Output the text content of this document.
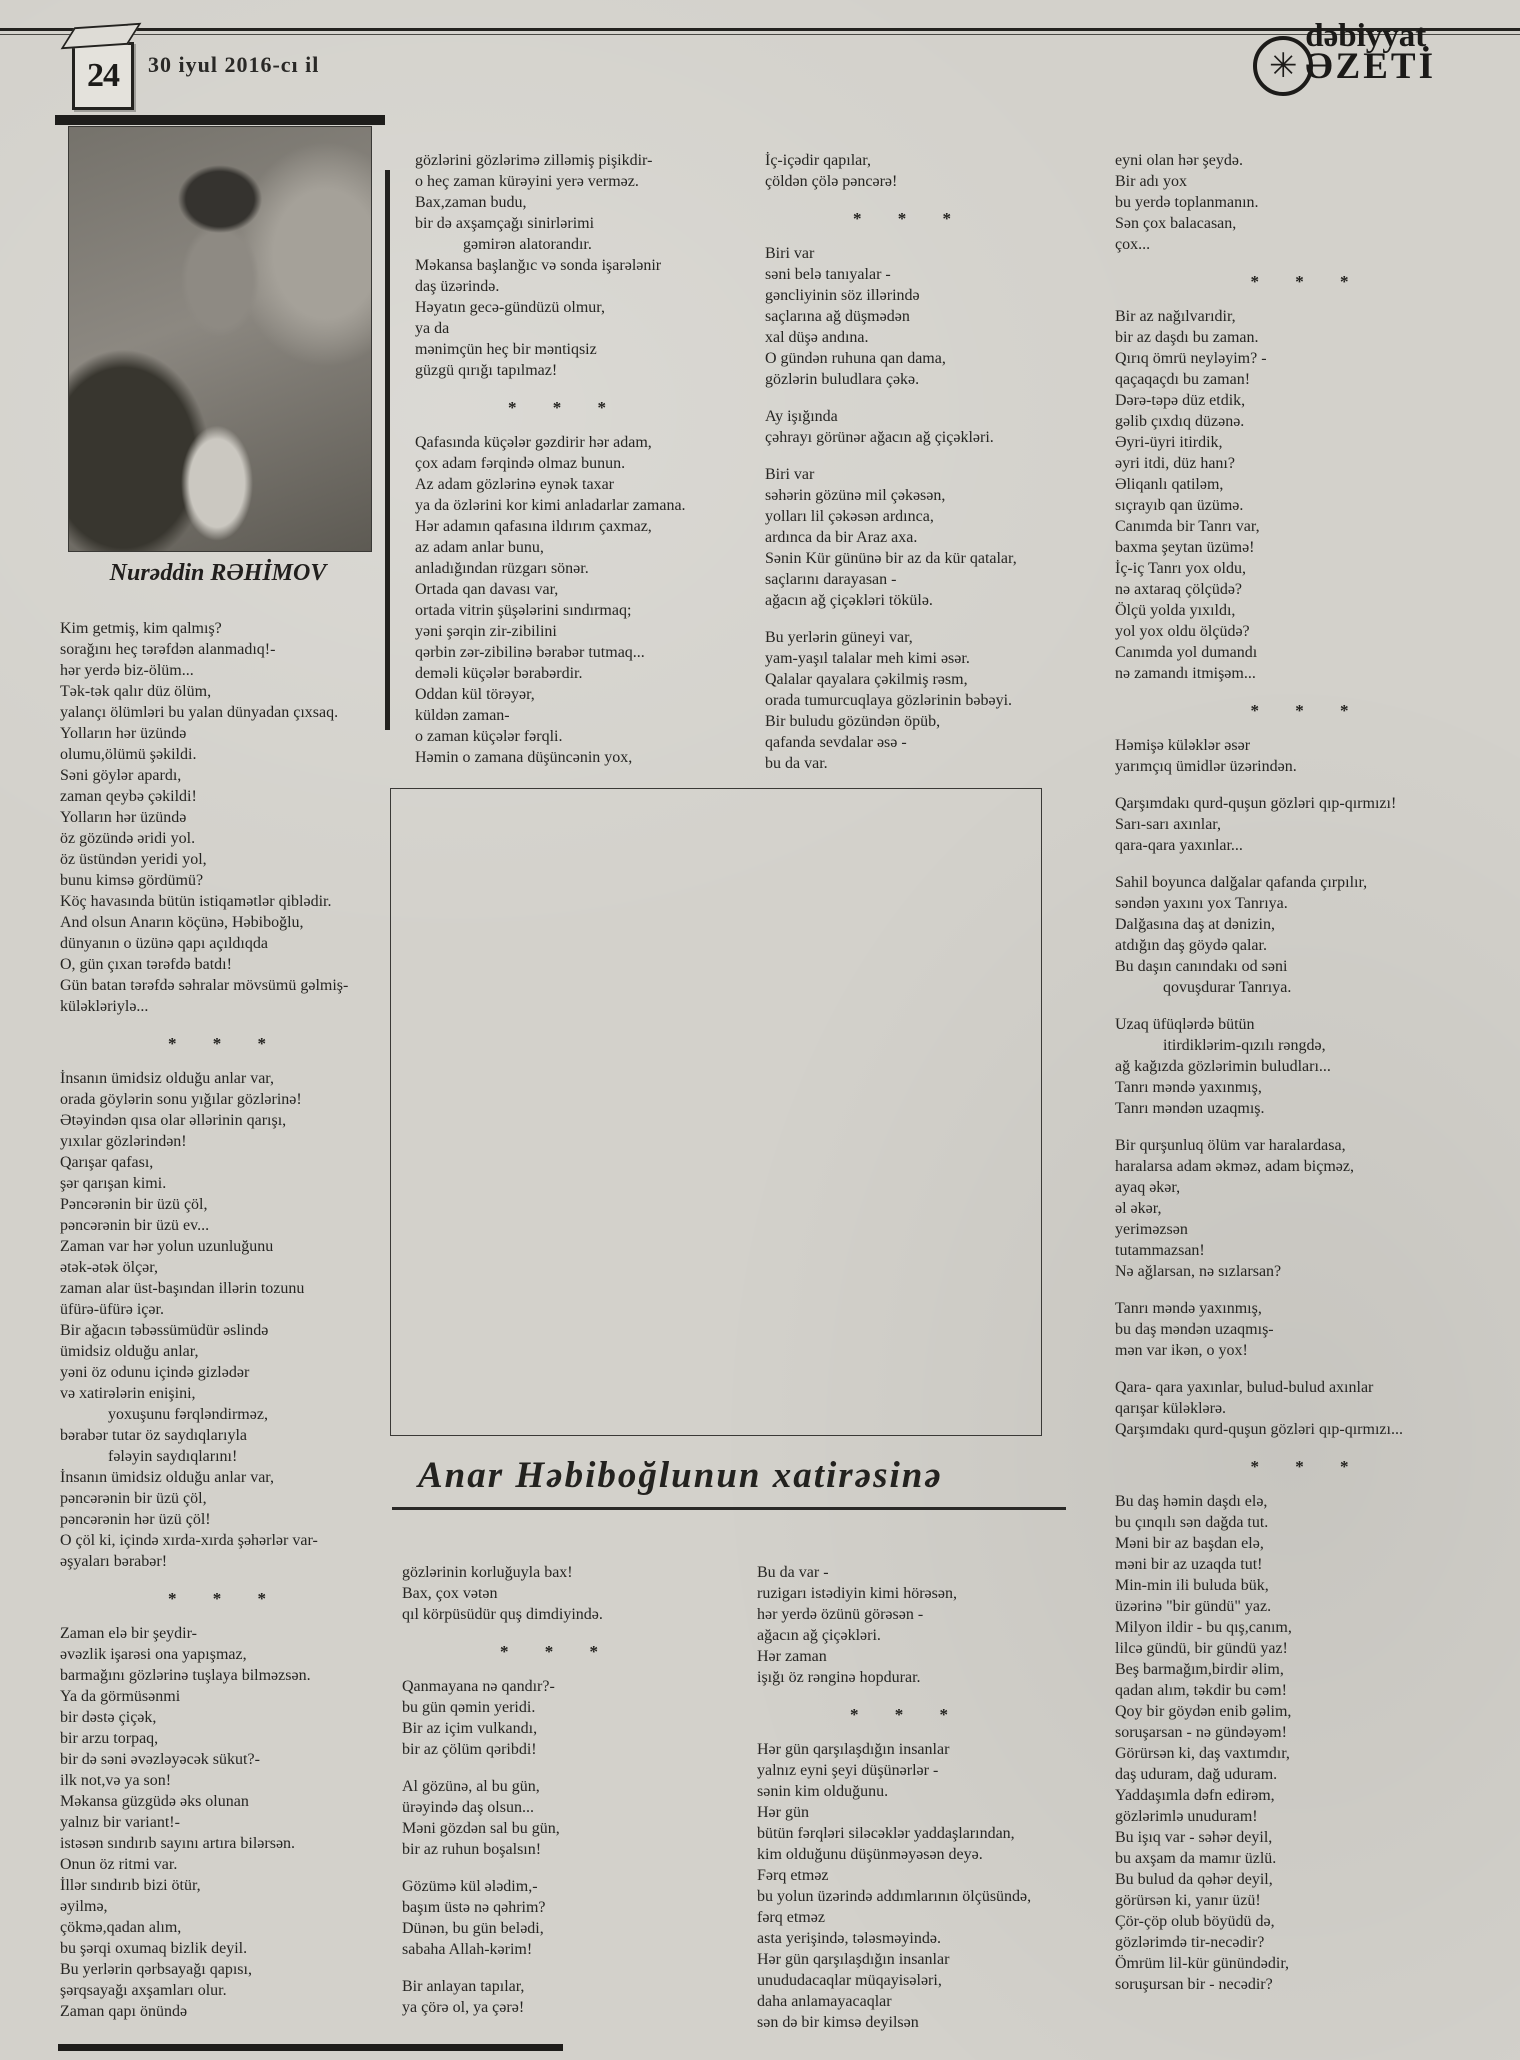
24 30 iyul 2016-cı il	✳
dəbiyyat
ƏZETİ
Nurəddin RƏHİMOV
Kim getmiş, kim qalmış?
sorağını heç tərəfdən alanmadıq!-
hər yerdə biz-ölüm...
Tək-tək qalır düz ölüm,
yalançı ölümləri bu yalan dünyadan çıxsaq.
Yolların hər üzündə
olumu,ölümü şəkildi.
Səni göylər apardı,
zaman qeybə çəkildi!
Yolların hər üzündə
öz gözündə əridi yol.
öz üstündən yeridi yol,
bunu kimsə gördümü?
Köç havasında bütün istiqamətlər qiblədir.
And olsun Anarın köçünə, Həbiboğlu,
dünyanın o üzünə qapı açıldıqda
O, gün çıxan tərəfdə batdı!
Gün batan tərəfdə səhralar mövsümü gəlmiş-
küləkləriylə...
* * *
İnsanın ümidsiz olduğu anlar var,
orada göylərin sonu yığılar gözlərinə!
Ətəyindən qısa olar əllərinin qarışı,
yıxılar gözlərindən!
Qarışar qafası,
şər qarışan kimi.
Pəncərənin bir üzü çöl,
pəncərənin bir üzü ev...
Zaman var hər yolun uzunluğunu
ətək-ətək ölçər,
zaman alar üst-başından illərin tozunu
üfürə-üfürə içər.
Bir ağacın təbəssümüdür əslində
ümidsiz olduğu anlar,
yəni öz odunu içində gizlədər
və xatirələrin enişini,
yoxuşunu fərqləndirməz,
bərabər tutar öz saydıqlarıyla
fələyin saydıqlarını!
İnsanın ümidsiz olduğu anlar var,
pəncərənin bir üzü çöl,
pəncərənin hər üzü çöl!
O çöl ki, içində xırda-xırda şəhərlər var-
əşyaları bərabər!
* * *
Zaman elə bir şeydir-
əvəzlik işarəsi ona yapışmaz,
barmağını gözlərinə tuşlaya bilməzsən.
Ya da görmüsənmi
bir dəstə çiçək,
bir arzu torpaq,
bir də səni əvəzləyəcək sükut?-
ilk not,və ya son!
Məkansa güzgüdə əks olunan
yalnız bir variant!-
istəsən sındırıb sayını artıra bilərsən.
Onun öz ritmi var.
İllər sındırıb bizi ötür,
əyilmə,
çökmə,qadan alım,
bu şərqi oxumaq bizlik deyil.
Bu yerlərin qərbsayağı qapısı,
şərqsayağı axşamları olur.
Zaman qapı önündə
gözlərini gözlərimə zilləmiş pişikdir-
o heç zaman kürəyini yerə verməz.
Bax,zaman budu,
bir də axşamçağı sinirlərimi
gəmirən alatorandır.
Məkansa başlanğıc və sonda işarələnir
daş üzərində.
Həyatın gecə-gündüzü olmur,
ya da
mənimçün heç bir məntiqsiz
güzgü qırığı tapılmaz!
* * *
Qafasında küçələr gəzdirir hər adam,
çox adam fərqində olmaz bunun.
Az adam gözlərinə eynək taxar
ya da özlərini kor kimi anladarlar zamana.
Hər adamın qafasına ildırım çaxmaz,
az adam anlar bunu,
anladığından rüzgarı sönər.
Ortada qan davası var,
ortada vitrin şüşələrini sındırmaq;
yəni şərqin zir-zibilini
qərbin zər-zibilinə bərabər tutmaq...
deməli küçələr bərabərdir.
Oddan kül törəyər,
küldən zaman-
o zaman küçələr fərqli.
Həmin o zamana düşüncənin yox,
İç-içədir qapılar,
çöldən çölə pəncərə!
* * *
Biri var
səni belə tanıyalar -
gəncliyinin söz illərində
saçlarına ağ düşmədən
xal düşə andına.
O gündən ruhuna qan dama,
gözlərin buludlara çəkə.
Ay işığında
çəhrayı görünər ağacın ağ çiçəkləri.
Biri var
səhərin gözünə mil çəkəsən,
yolları lil çəkəsən ardınca,
ardınca da bir Araz axa.
Sənin Kür gününə bir az da kür qatalar,
saçlarını darayasan -
ağacın ağ çiçəkləri tökülə.
Bu yerlərin güneyi var,
yam-yaşıl talalar meh kimi əsər.
Qalalar qayalara çəkilmiş rəsm,
orada tumurcuqlaya gözlərinin bəbəyi.
Bir buludu gözündən öpüb,
qafanda sevdalar əsə -
bu da var.
eyni olan hər şeydə.
Bir adı yox
bu yerdə toplanmanın.
Sən çox balacasan,
çox...
* * *
Bir az nağılvarıdir,
bir az daşdı bu zaman.
Qırıq ömrü neyləyim? -
qaçaqaçdı bu zaman!
Dərə-təpə düz etdik,
gəlib çıxdıq düzənə.
Əyri-üyri itirdik,
əyri itdi, düz hanı?
Əliqanlı qatiləm,
sıçrayıb qan üzümə.
Canımda bir Tanrı var,
baxma şeytan üzümə!
İç-iç Tanrı yox oldu,
nə axtaraq çölçüdə?
Ölçü yolda yıxıldı,
yol yox oldu ölçüdə?
Canımda yol dumandı
nə zamandı itmişəm...
* * *
Həmişə küləklər əsər
yarımçıq ümidlər üzərindən.
Qarşımdakı qurd-quşun gözləri qıp-qırmızı!
Sarı-sarı axınlar,
qara-qara yaxınlar...
Sahil boyunca dalğalar qafanda çırpılır,
səndən yaxını yox Tanrıya.
Dalğasına daş at dənizin,
atdığın daş göydə qalar.
Bu daşın canındakı od səni
qovuşdurar Tanrıya.
Uzaq üfüqlərdə bütün
itirdiklərim-qızılı rəngdə,
ağ kağızda gözlərimin buludları...
Tanrı məndə yaxınmış,
Tanrı məndən uzaqmış.
Bir qurşunluq ölüm var haralardasa,
haralarsa adam əkməz, adam biçməz,
ayaq əkər,
əl əkər,
yeriməzsən
tutammazsan!
Nə ağlarsan, nə sızlarsan?
Tanrı məndə yaxınmış,
bu daş məndən uzaqmış-
mən var ikən, o yox!
Qara- qara yaxınlar, bulud-bulud axınlar
qarışar küləklərə.
Qarşımdakı qurd-quşun gözləri qıp-qırmızı...
* * *
Bu daş həmin daşdı elə,
bu çınqılı sən dağda tut.
Məni bir az başdan elə,
məni bir az uzaqda tut!
Min-min ili buluda bük,
üzərinə "bir gündü" yaz.
Milyon ildir - bu qış,canım,
lilcə gündü, bir gündü yaz!
Beş barmağım,birdir əlim,
qadan alım, təkdir bu cəm!
Qoy bir göydən enib gəlim,
soruşarsan - nə gündəyəm!
Görürsən ki, daş vaxtımdır,
daş uduram, dağ uduram.
Yaddaşımla dəfn edirəm,
gözlərimlə unuduram!
Bu işıq var - səhər deyil,
bu axşam da mamır üzlü.
Bu bulud da qəhər deyil,
görürsən ki, yanır üzü!
Çör-çöp olub böyüdü də,
gözlərimdə tir-necədir?
Ömrüm lil-kür günündədir,
soruşursan bir - necədir?
Anar Həbiboğlunun xatirəsinə
gözlərinin korluğuyla bax!
Bax, çox vətən
qıl körpüsüdür quş dimdiyində.
* * *
Qanmayana nə qandır?-
bu gün qəmin yeridi.
Bir az içim vulkandı,
bir az çölüm qəribdi!
Al gözünə, al bu gün,
ürəyində daş olsun...
Məni gözdən sal bu gün,
bir az ruhun boşalsın!
Gözümə kül ələdim,-
başım üstə nə qəhrim?
Dünən, bu gün belədi,
sabaha Allah-kərim!
Bir anlayan tapılar,
ya çörə ol, ya çərə!
Bu da var -
ruzigarı istədiyin kimi hörəsən,
hər yerdə özünü görəsən -
ağacın ağ çiçəkləri.
Hər zaman
işığı öz rənginə hopdurar.
* * *
Hər gün qarşılaşdığın insanlar
yalnız eyni şeyi düşünərlər -
sənin kim olduğunu.
Hər gün
bütün fərqləri siləcəklər yaddaşlarından,
kim olduğunu düşünməyəsən deyə.
Fərq etməz
bu yolun üzərində addımlarının ölçüsündə,
fərq etməz
asta yerişində, tələsməyində.
Hər gün qarşılaşdığın insanlar
unududacaqlar müqayisələri,
daha anlamayacaqlar
sən də bir kimsə deyilsən
